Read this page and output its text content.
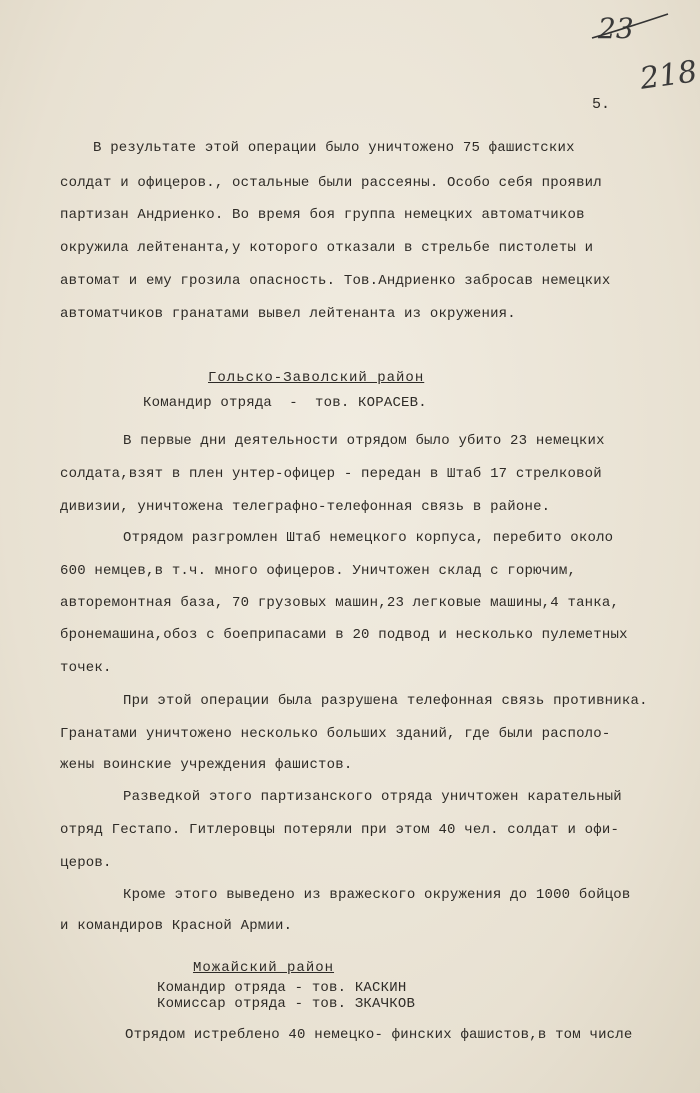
23
218
5.
В результате этой операции было уничтожено 75 фашистских
солдат и офицеров., остальные были рассеяны. Особо себя проявил
партизан Андриенко. Во время боя группа немецких автоматчиков
окружила лейтенанта,у которого отказали в стрельбе пистолеты и
автомат и ему грозила опасность. Тов.Андриенко забросав немецких
автоматчиков гранатами вывел лейтенанта из окружения.
Гольско-Заволский район
Командир отряда  -  тов. КОРАСЕВ.
В первые дни деятельности отрядом было убито 23 немецких
солдата,взят в плен унтер-офицер - передан в Штаб 17 стрелковой
дивизии, уничтожена телеграфно-телефонная связь в районе.
Отрядом разгромлен Штаб немецкого корпуса, перебито около
600 немцев,в т.ч. много офицеров. Уничтожен склад с горючим,
авторемонтная база, 70 грузовых машин,23 легковые машины,4 танка,
бронемашина,обоз с боеприпасами в 20 подвод и несколько пулеметных
точек.
При этой операции была разрушена телефонная связь противника.
Гранатами уничтожено несколько больших зданий, где были располо-
жены воинские учреждения фашистов.
Разведкой этого партизанского отряда уничтожен карательный
отряд Гестапо. Гитлеровцы потеряли при этом 40 чел. солдат и офи-
церов.
Кроме этого выведено из вражеского окружения до 1000 бойцов
и командиров Красной Армии.
Можайский район
Командир отряда - тов. КАСКИН
Комиссар отряда - тов. ЗКАЧКОВ
Отрядом истреблено 40 немецко- финских фашистов,в том числе
